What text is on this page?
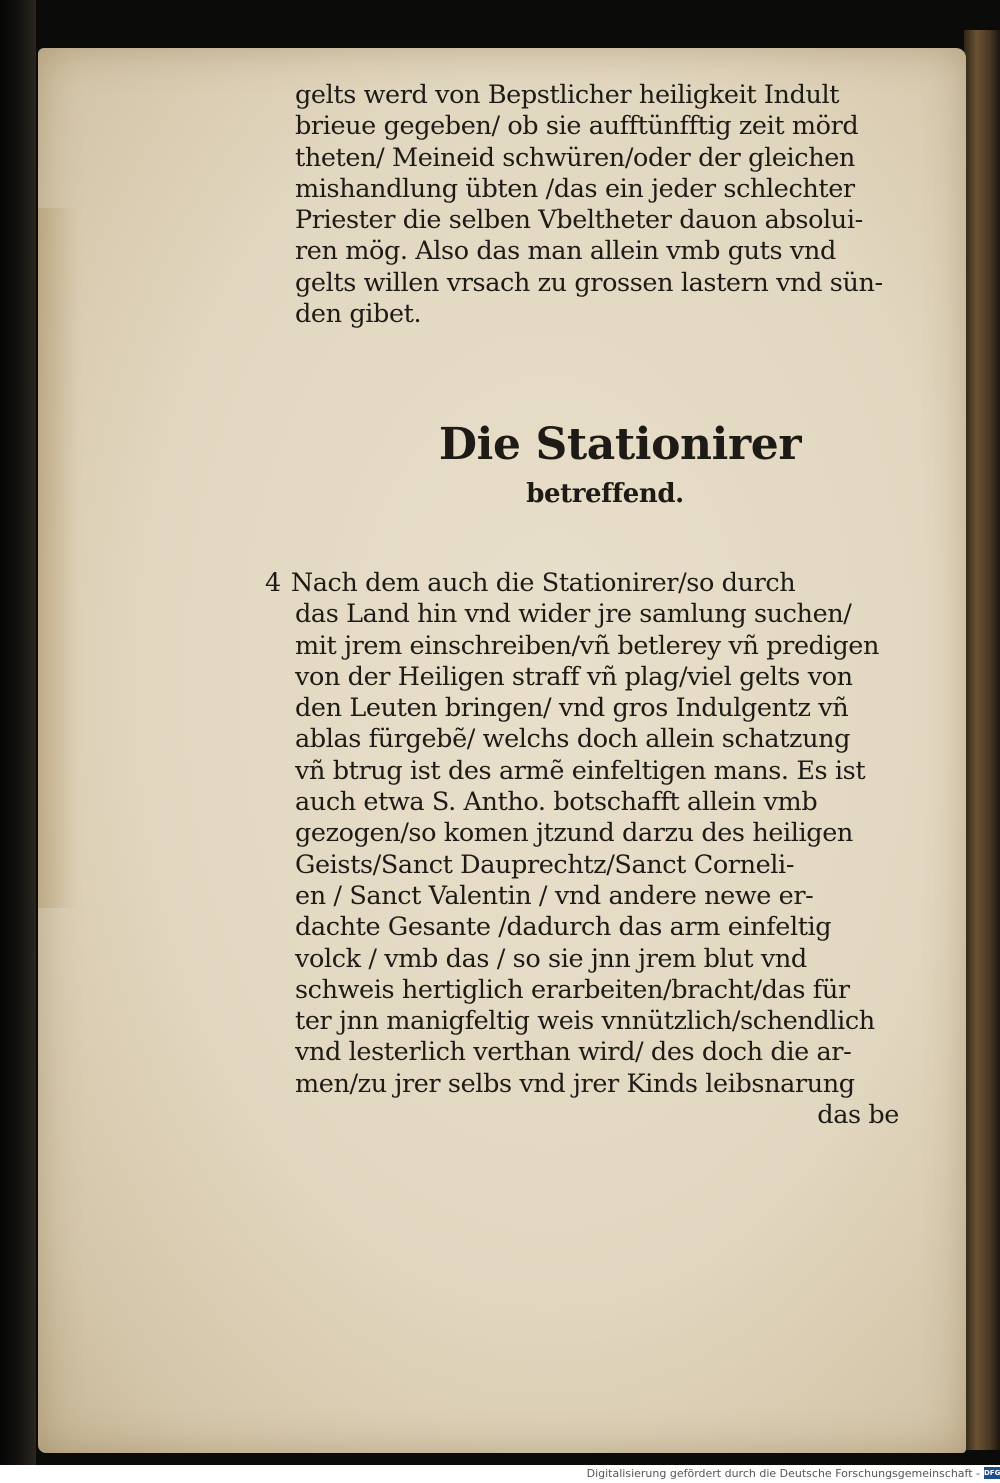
gelts werd von Bepstlicher heiligkeit Indult
brieue gegeben/ ob sie aufftünfftig zeit mörd
theten/ Meineid schwüren/oder der gleichen
mishandlung übten /das ein jeder schlechter
Priester die selben Vbeltheter dauon absolui-
ren mög. Also das man allein vmb guts vnd
gelts willen vrsach zu grossen lastern vnd sün-
den gibet.
Die Stationirer
betreffend.
4 Nach dem auch die Stationirer/so durch
das Land hin vnd wider jre samlung suchen/
mit jrem einschreiben/vñ betlerey vñ predigen
von der Heiligen straff vñ plag/viel gelts von
den Leuten bringen/ vnd gros Indulgentz vñ
ablas fürgebẽ/ welchs doch allein schatzung
vñ btrug ist des armẽ einfeltigen mans. Es ist
auch etwa S. Antho. botschafft allein vmb
gezogen/so komen jtzund darzu des heiligen
Geists/Sanct Dauprechtz/Sanct Corneli-
en / Sanct Valentin / vnd andere newe er-
dachte Gesante /dadurch das arm einfeltig
volck / vmb das / so sie jnn jrem blut vnd
schweis hertiglich erarbeiten/bracht/das für
ter jnn manigfeltig weis vnnützlich/schendlich
vnd lesterlich verthan wird/ des doch die ar-
men/zu jrer selbs vnd jrer Kinds leibsnarung
das be
Digitalisierung gefördert durch die Deutsche Forschungsgemeinschaft - DFG
